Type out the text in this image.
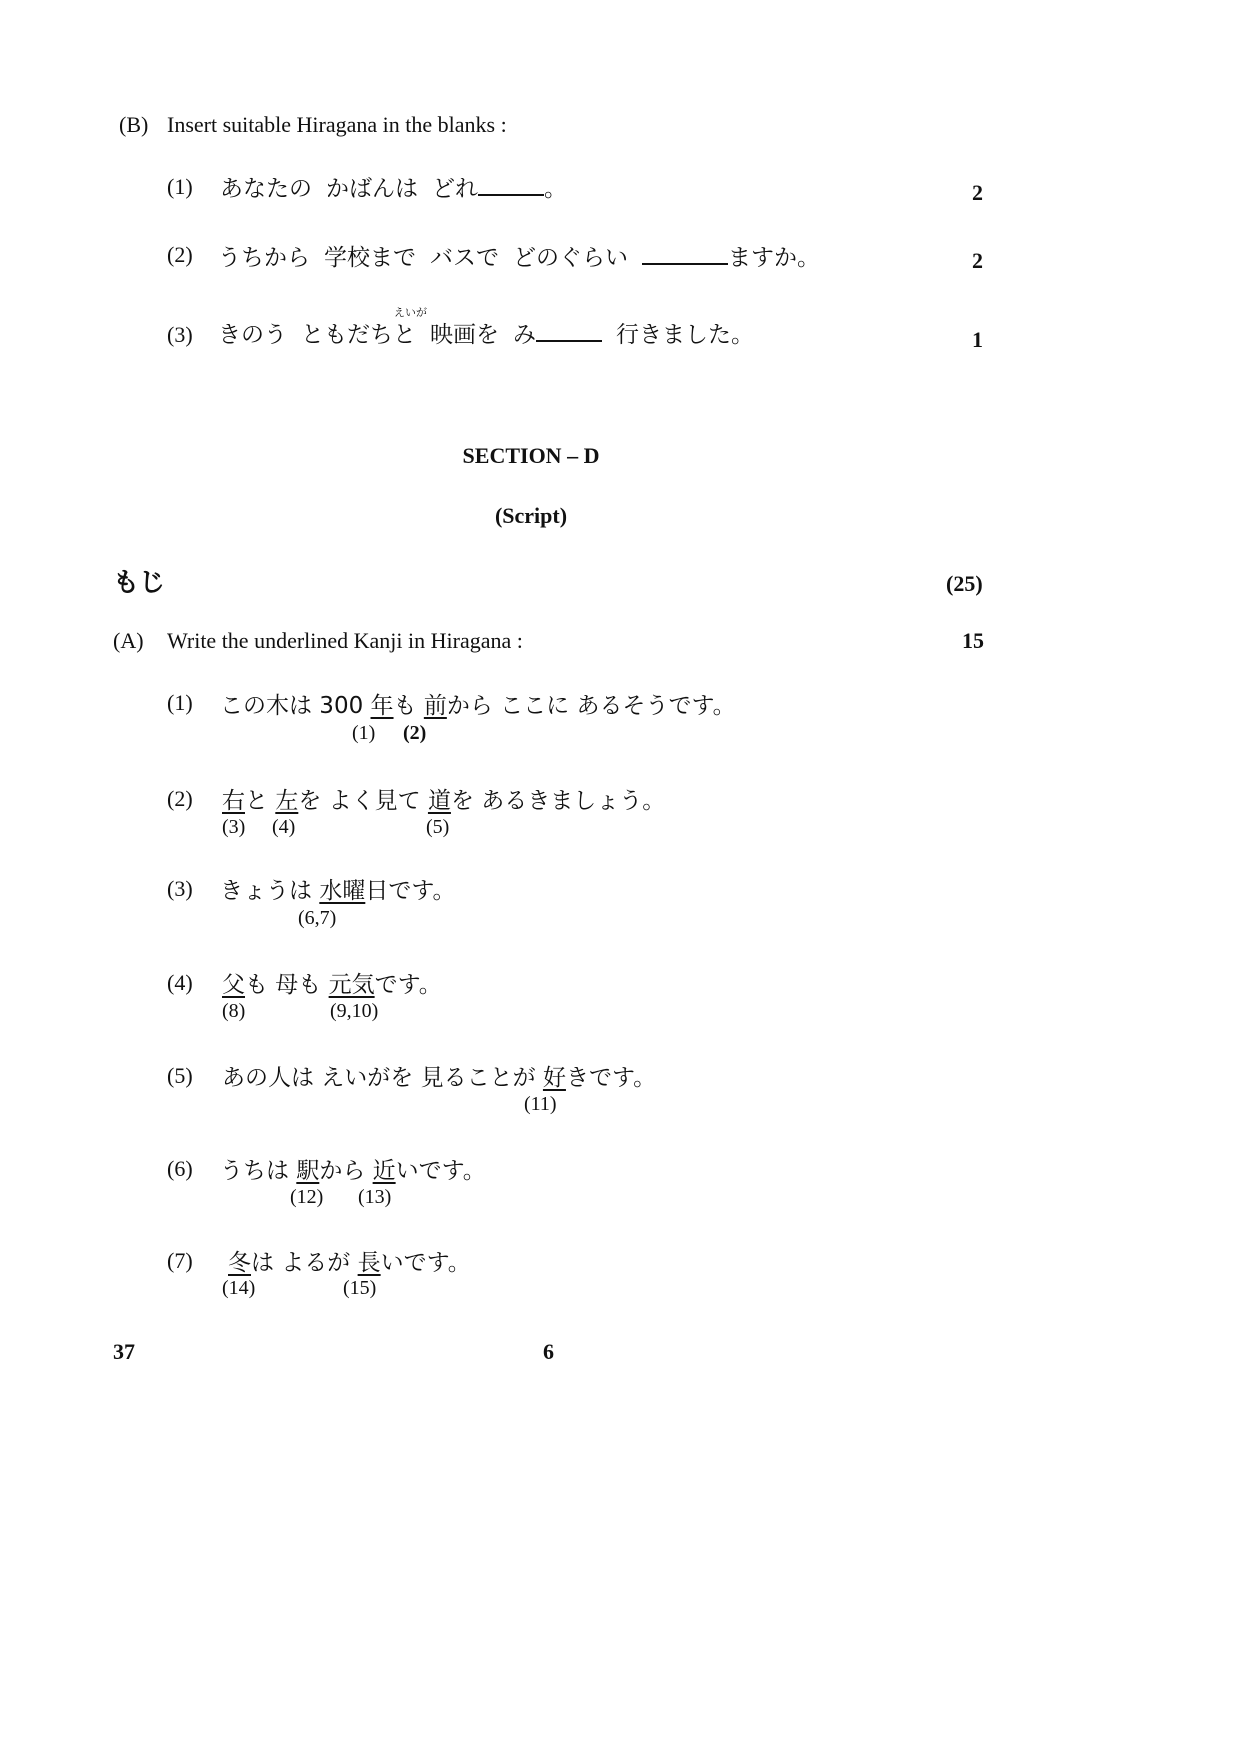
(B) Insert suitable Hiragana in the blanks :
(1) あなたの かばんは どれ	。	2
(2) うちから 学校まで バスで どのぐらい	ますか。	2
(3)
えいが
きのう ともだちと 映画を み	行きました。	1
SECTION – D
(Script)
もじ	(25)
(A) Write the underlined Kanji in Hiragana :	15
(1) この木は 300 年も 前から ここに あるそうです。
(1) (2)
(2) 右と 左を よく見て 道を あるきましょう。
(3) (4)	(5)
(3) きょうは 水曜日です。
(6,7)
(4) 父も 母も 元気です。
(8)	(9,10)
(5) あの人は えいがを 見ることが 好きです。
(11)
(6) うちは 駅から 近いです。
(12) (13)
(7) 冬は よるが 長いです。
(14)	(15)
37	6
